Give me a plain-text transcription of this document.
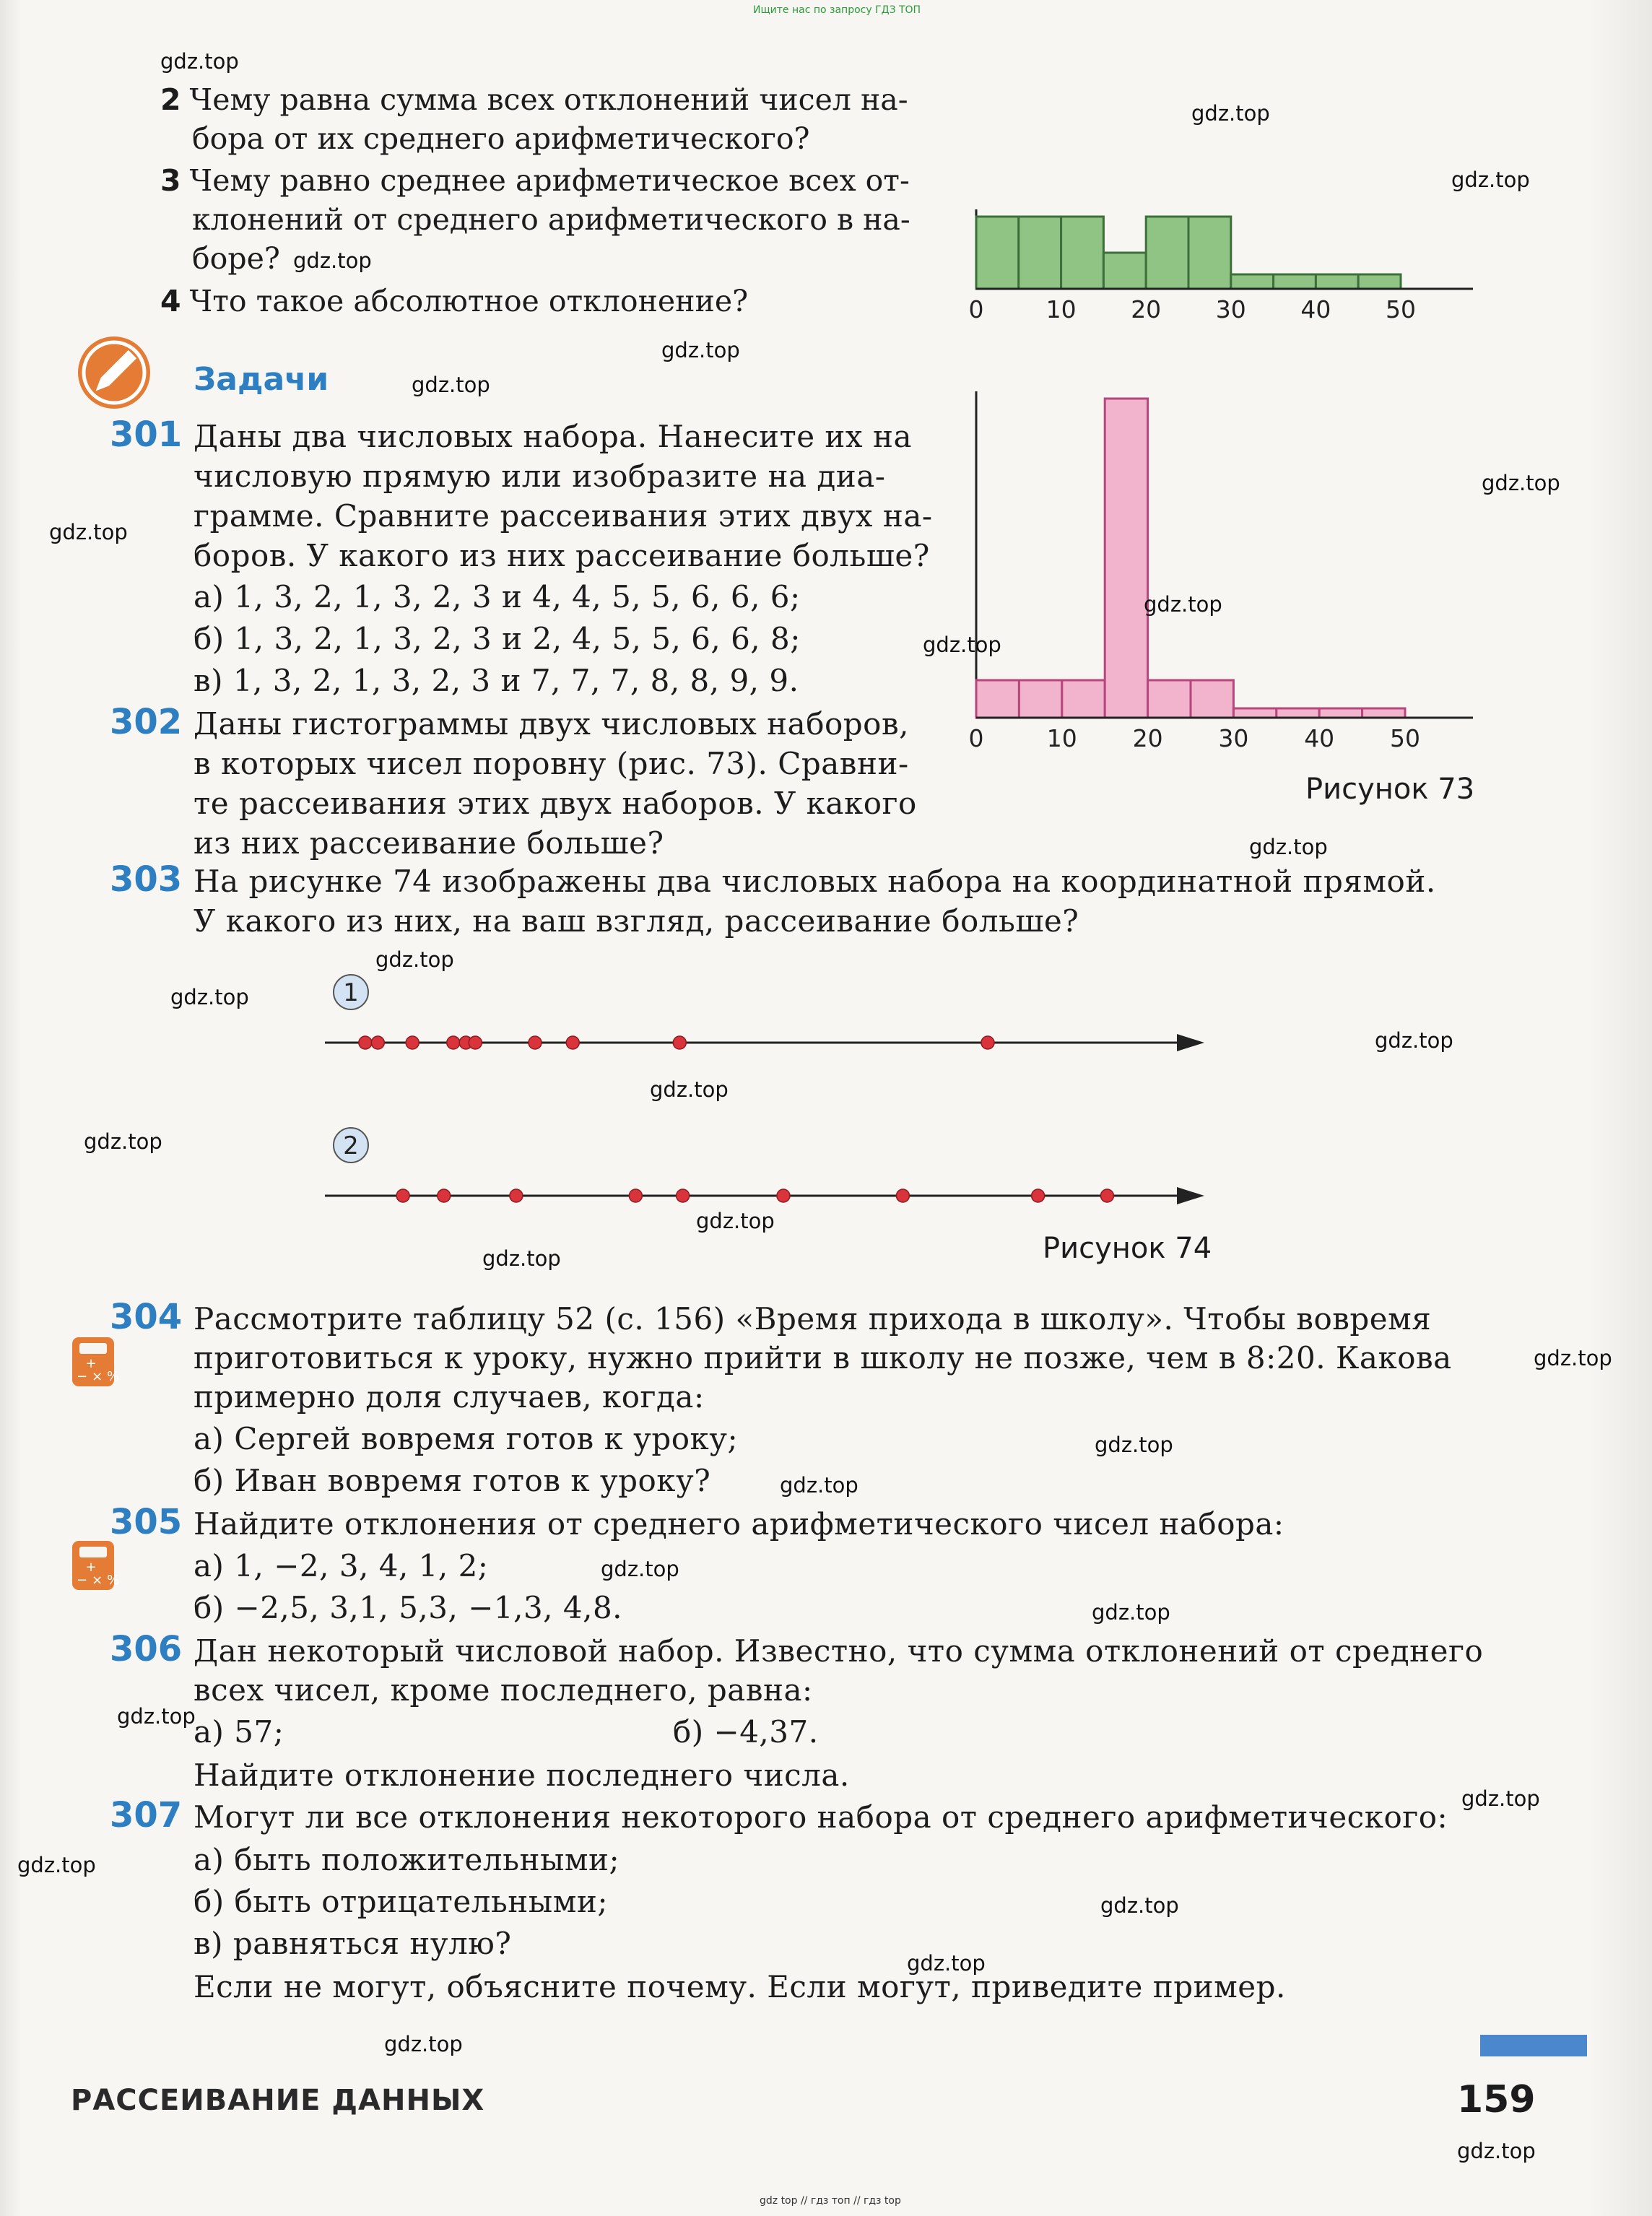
Ищите нас по запросу ГДЗ ТОП
gdz top // гдз топ // гдз top
2 Чему равна сумма всех отклонений чисел на-
бора от их среднего арифметического?
3 Чему равно среднее арифметическое всех от-
клонений от среднего арифметического в на-
боре?
4 Что такое абсолютное отклонение?
Задачи
301 Даны два числовых набора. Нанесите их на
числовую прямую или изобразите на диа-
грамме. Сравните рассеивания этих двух на-
боров. У какого из них рассеивание больше?
а) 1, 3, 2, 1, 3, 2, 3 и 4, 4, 5, 5, 6, 6, 6;
б) 1, 3, 2, 1, 3, 2, 3 и 2, 4, 5, 5, 6, 6, 8;
в) 1, 3, 2, 1, 3, 2, 3 и 7, 7, 7, 8, 8, 9, 9.
302 Даны гистограммы двух числовых наборов,
в которых чисел поровну (рис. 73). Сравни-
те рассеивания этих двух наборов. У какого
из них рассеивание больше?
0	10 20 30 40 50
0	10 20 30 40 50
Рисунок 73
303 На рисунке 74 изображены два числовых набора на координатной прямой.
У какого из них, на ваш взгляд, рассеивание больше?
1
2
Рисунок 74
304
+−×%
Рассмотрите таблицу 52 (с. 156) «Время прихода в школу». Чтобы вовремя
приготовиться к уроку, нужно прийти в школу не позже, чем в 8:20. Какова
примерно доля случаев, когда:
а) Сергей вовремя готов к уроку;
б) Иван вовремя готов к уроку?
305
+−×%
Найдите отклонения от среднего арифметического чисел набора:
а) 1, −2, 3, 4, 1, 2;
б) −2,5, 3,1, 5,3, −1,3, 4,8.
306 Дан некоторый числовой набор. Известно, что сумма отклонений от среднего
всех чисел, кроме последнего, равна:
а) 57;	б) −4,37.
Найдите отклонение последнего числа.
307 Могут ли все отклонения некоторого набора от среднего арифметического:
а) быть положительными;
б) быть отрицательными;
в) равняться нулю?
Если не могут, объясните почему. Если могут, приведите пример.
РАССЕИВАНИЕ ДАННЫХ	159
gdz.top
gdz.top
gdz.top
gdz.top
gdz.top
gdz.top
gdz.top
gdz.top
gdz.top
gdz.top
gdz.top
gdz.top
gdz.top
gdz.top
gdz.top
gdz.top
gdz.top
gdz.top
gdz.top
gdz.top
gdz.top
gdz.top
gdz.top
gdz.top
gdz.top
gdz.top
gdz.top
gdz.top
gdz.top
gdz.top
